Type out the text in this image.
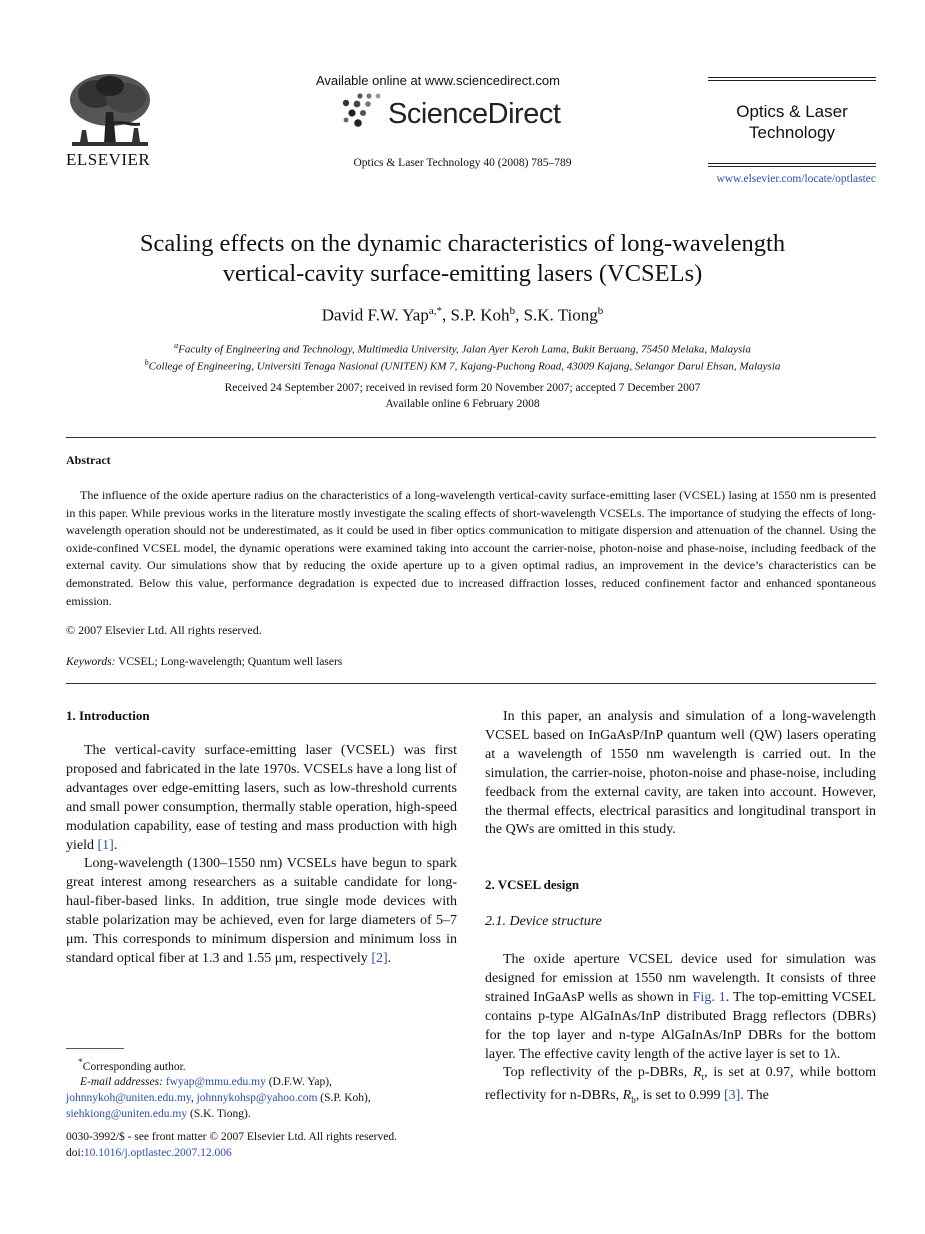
ELSEVIER
Available online at www.sciencedirect.com
ScienceDirect
Optics & Laser Technology 40 (2008) 785–789
Optics & Laser
Technology
www.elsevier.com/locate/optlastec
Scaling effects on the dynamic characteristics of long-wavelength
vertical-cavity surface-emitting lasers (VCSELs)
David F.W. Yap$^{a,*}$, S.P. Koh$^b$, S.K. Tiong$^b$
$^a$Faculty of Engineering and Technology, Multimedia University, Jalan Ayer Keroh Lama, Bukit Beruang, 75450 Melaka, Malaysia
$^b$College of Engineering, Universiti Tenaga Nasional (UNITEN) KM 7, Kajang-Puchong Road, 43009 Kajang, Selangor Darul Ehsan, Malaysia
Received 24 September 2007; received in revised form 20 November 2007; accepted 7 December 2007
Available online 6 February 2008
Abstract
The influence of the oxide aperture radius on the characteristics of a long-wavelength vertical-cavity surface-emitting laser (VCSEL) lasing at 1550 nm is presented in this paper. While previous works in the literature mostly investigate the scaling effects of short-wavelength VCSELs. The importance of studying the effects of long-wavelength operation should not be underestimated, as it could be used in fiber optics communication to mitigate dispersion and attenuation of the channel. Using the oxide-confined VCSEL model, the dynamic operations were examined taking into account the carrier-noise, photon-noise and phase-noise, including feedback of the external cavity. Our simulations show that by reducing the oxide aperture up to a given optimal radius, an improvement in the device’s characteristics can be demonstrated. Below this value, performance degradation is expected due to increased diffraction losses, reduced confinement factor and enhanced spontaneous emission.
© 2007 Elsevier Ltd. All rights reserved.
Keywords: VCSEL; Long-wavelength; Quantum well lasers
1. Introduction

The vertical-cavity surface-emitting laser (VCSEL) was first proposed and fabricated in the late 1970s. VCSELs have a long list of advantages over edge-emitting lasers, such as low-threshold currents and small power consumption, thermally stable operation, high-speed modulation capability, ease of testing and mass production with high yield [1].

Long-wavelength (1300–1550 nm) VCSELs have begun to spark great interest among researchers as a suitable candidate for long-haul-fiber-based links. In addition, true single mode devices with stable polarization may be achieved, even for large diameters of 5–7 μm. This corresponds to minimum dispersion and minimum loss in standard optical fiber at 1.3 and 1.55 μm, respectively [2].

*Corresponding author.
E-mail addresses: fwyap@mmu.edu.my (D.F.W. Yap),
johnnykoh@uniten.edu.my, johnnykohsp@yahoo.com (S.P. Koh),
siehkiong@uniten.edu.my (S.K. Tiong).
0030-3992/$ - see front matter © 2007 Elsevier Ltd. All rights reserved.
doi:10.1016/j.optlastec.2007.12.006

In this paper, an analysis and simulation of a long-wavelength VCSEL based on InGaAsP/InP quantum well (QW) lasers operating at a wavelength of 1550 nm wavelength is carried out. In the simulation, the carrier-noise, photon-noise and phase-noise, including feedback from the external cavity, are taken into account. However, the thermal effects, electrical parasitics and longitudinal transport in the QWs are omitted in this study.

2. VCSEL design
2.1. Device structure

The oxide aperture VCSEL device used for simulation was designed for emission at 1550 nm wavelength. It consists of three strained InGaAsP wells as shown in Fig. 1. The top-emitting VCSEL contains p-type AlGaInAs/InP distributed Bragg reflectors (DBRs) for the top layer and n-type AlGaInAs/InP DBRs for the bottom layer. The effective cavity length of the active layer is set to 1λ.

Top reflectivity of the p-DBRs, $R_t$, is set at 0.97, while bottom reflectivity for n-DBRs, $R_b$, is set to 0.999 [3]. The
